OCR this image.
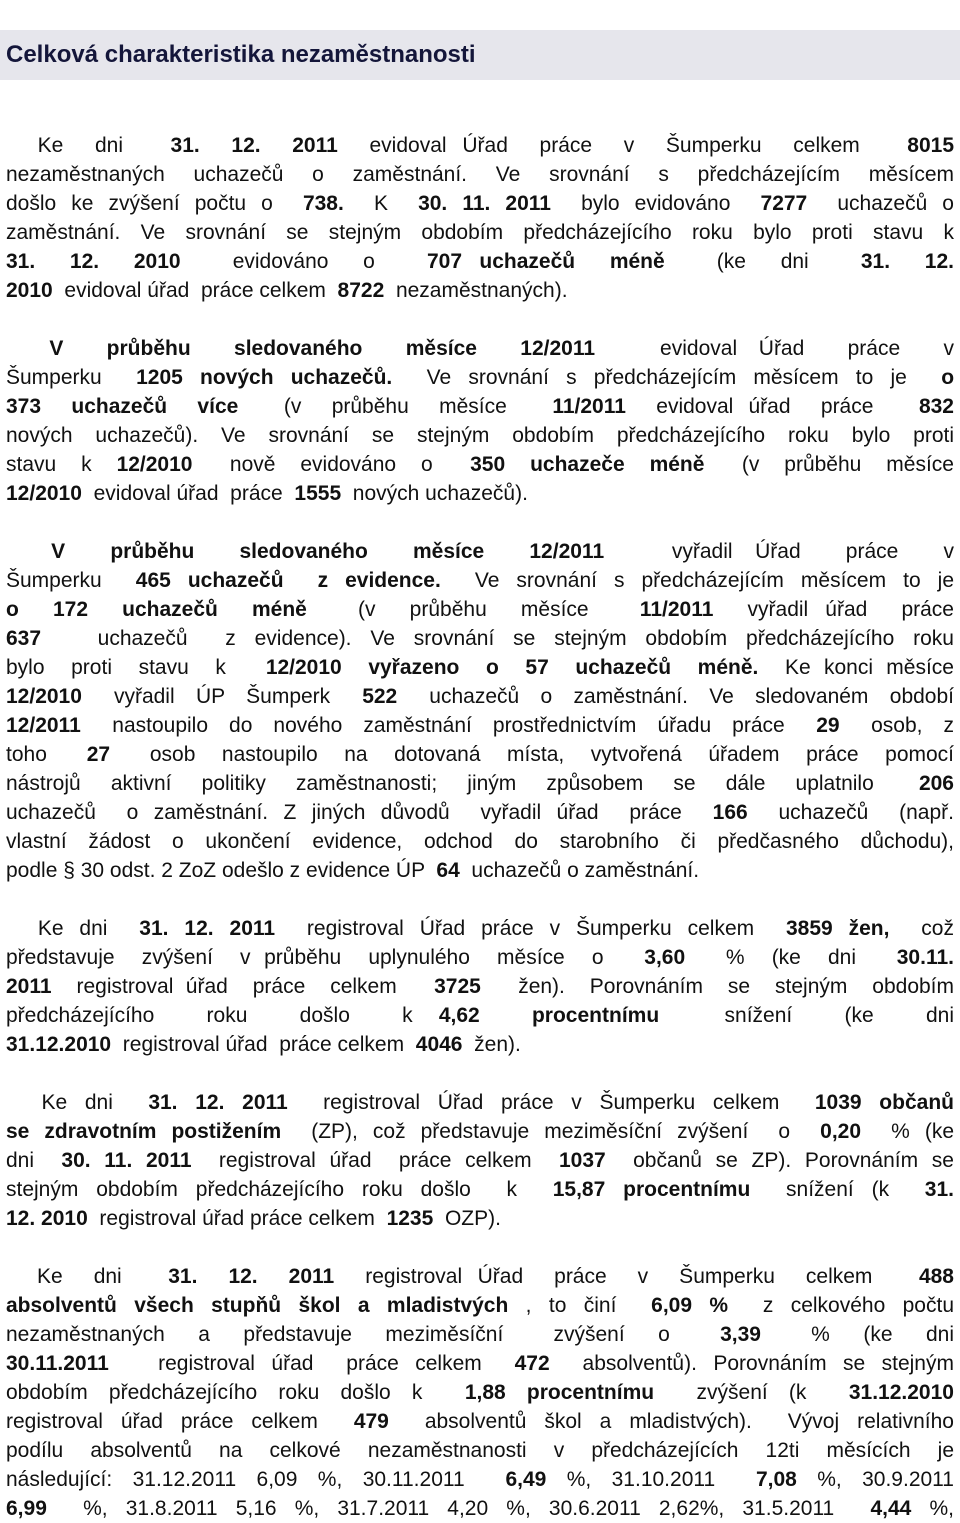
Celková charakteristika nezaměstnanosti
Ke  dni   31.  12.  2011  evidoval Úřad  práce  v  Šumperku  celkem   8015
nezaměstnaných uchazečů o zaměstnání. Ve srovnání s předcházejícím měsícem
došlo ke zvýšení počtu o  738.  K  30. 11. 2011  bylo evidováno  7277  uchazečů o
zaměstnání. Ve srovnání se stejným obdobím předcházejícího roku bylo proti stavu k
31.  12.  2010   evidováno  o   707 uchazečů  méně   (ke  dni   31.  12.
2010  evidoval úřad  práce celkem  8722  nezaměstnaných).
V  průběhu  sledovaného  měsíce  12/2011   evidoval Úřad  práce  v
Šumperku  1205 nových uchazečů.  Ve srovnání s předcházejícím měsícem to je  o
373  uchazečů  více   (v  průběhu  měsíce   11/2011  evidoval úřad  práce   832
nových uchazečů). Ve srovnání se stejným obdobím předcházejícího roku bylo proti
stavu  k  12/2010   nově  evidováno  o   350  uchazeče  méně   (v  průběhu  měsíce
12/2010  evidoval úřad  práce  1555  nových uchazečů).
V  průběhu  sledovaného  měsíce  12/2011   vyřadil Úřad  práce  v
Šumperku  465 uchazečů  z evidence.  Ve srovnání s předcházejícím měsícem to je
o  172  uchazečů  méně   (v  průběhu  měsíce   11/2011  vyřadil úřad  práce
637   uchazečů  z evidence). Ve srovnání se stejným obdobím předcházejícího roku
bylo  proti  stavu  k   12/2010  vyřazeno  o  57  uchazečů  méně.  Ke konci měsíce
12/2010   vyřadil  ÚP  Šumperk   522   uchazečů  o  zaměstnání.  Ve  sledovaném  období
12/2011   nastoupilo  do  nového  zaměstnání  prostřednictvím  úřadu  práce   29   osob,  z
toho   27   osob  nastoupilo  na  dotovaná  místa,  vytvořená  úřadem  práce  pomocí
nástrojů  aktivní  politiky  zaměstnanosti;  jiným  způsobem  se  dále  uplatnilo   206
uchazečů  o zaměstnání. Z jiných důvodů  vyřadil úřad  práce  166  uchazečů  (např.
vlastní žádost o ukončení evidence, odchod do starobního či předčasného důchodu),
podle § 30 odst. 2 ZoZ odešlo z evidence ÚP  64  uchazečů o zaměstnání.
Ke dni  31. 12. 2011  registroval Úřad práce v Šumperku celkem  3859 žen,  což
představuje  zvýšení  v průběhu  uplynulého  měsíce  o   3,60   %  (ke  dni   30.11.
2011  registroval úřad  práce  celkem   3725   žen).  Porovnáním  se  stejným  obdobím
předcházejícího    roku    došlo    k  4,62    procentnímu     snížení    (ke    dni
31.12.2010  registroval úřad  práce celkem  4046  žen).
Ke dni  31. 12. 2011  registroval Úřad práce v Šumperku celkem  1039 občanů
se zdravotním postižením  (ZP), což představuje meziměsíční zvýšení  o  0,20  % (ke
dni  30. 11. 2011  registroval úřad  práce celkem  1037  občanů se ZP). Porovnáním se
stejným obdobím předcházejícího roku došlo  k  15,87 procentnímu  snížení (k  31.
12. 2010  registroval úřad práce celkem  1235  OZP).
Ke  dni   31.  12.  2011  registroval Úřad  práce  v  Šumperku  celkem   488
absolventů všech stupňů škol a mladistvých , to činí  6,09 %  z celkového počtu
nezaměstnaných  a  představuje  meziměsíční   zvýšení  o   3,39   %  (ke  dni
30.11.2011   registroval úřad  práce celkem  472  absolventů). Porovnáním se stejným
obdobím předcházejícího roku došlo k  1,88 procentnímu  zvýšení (k  31.12.2010
registroval úřad práce celkem  479  absolventů škol a mladistvých).  Vývoj relativního
podílu absolventů na celkové nezaměstnanosti v předcházejících 12ti měsících je
následující: 31.12.2011 6,09 %, 30.11.2011  6,49 %, 31.10.2011  7,08 %, 30.9.2011
6,99  %, 31.8.2011 5,16 %, 31.7.2011 4,20 %, 30.6.2011 2,62%, 31.5.2011  4,44 %,
